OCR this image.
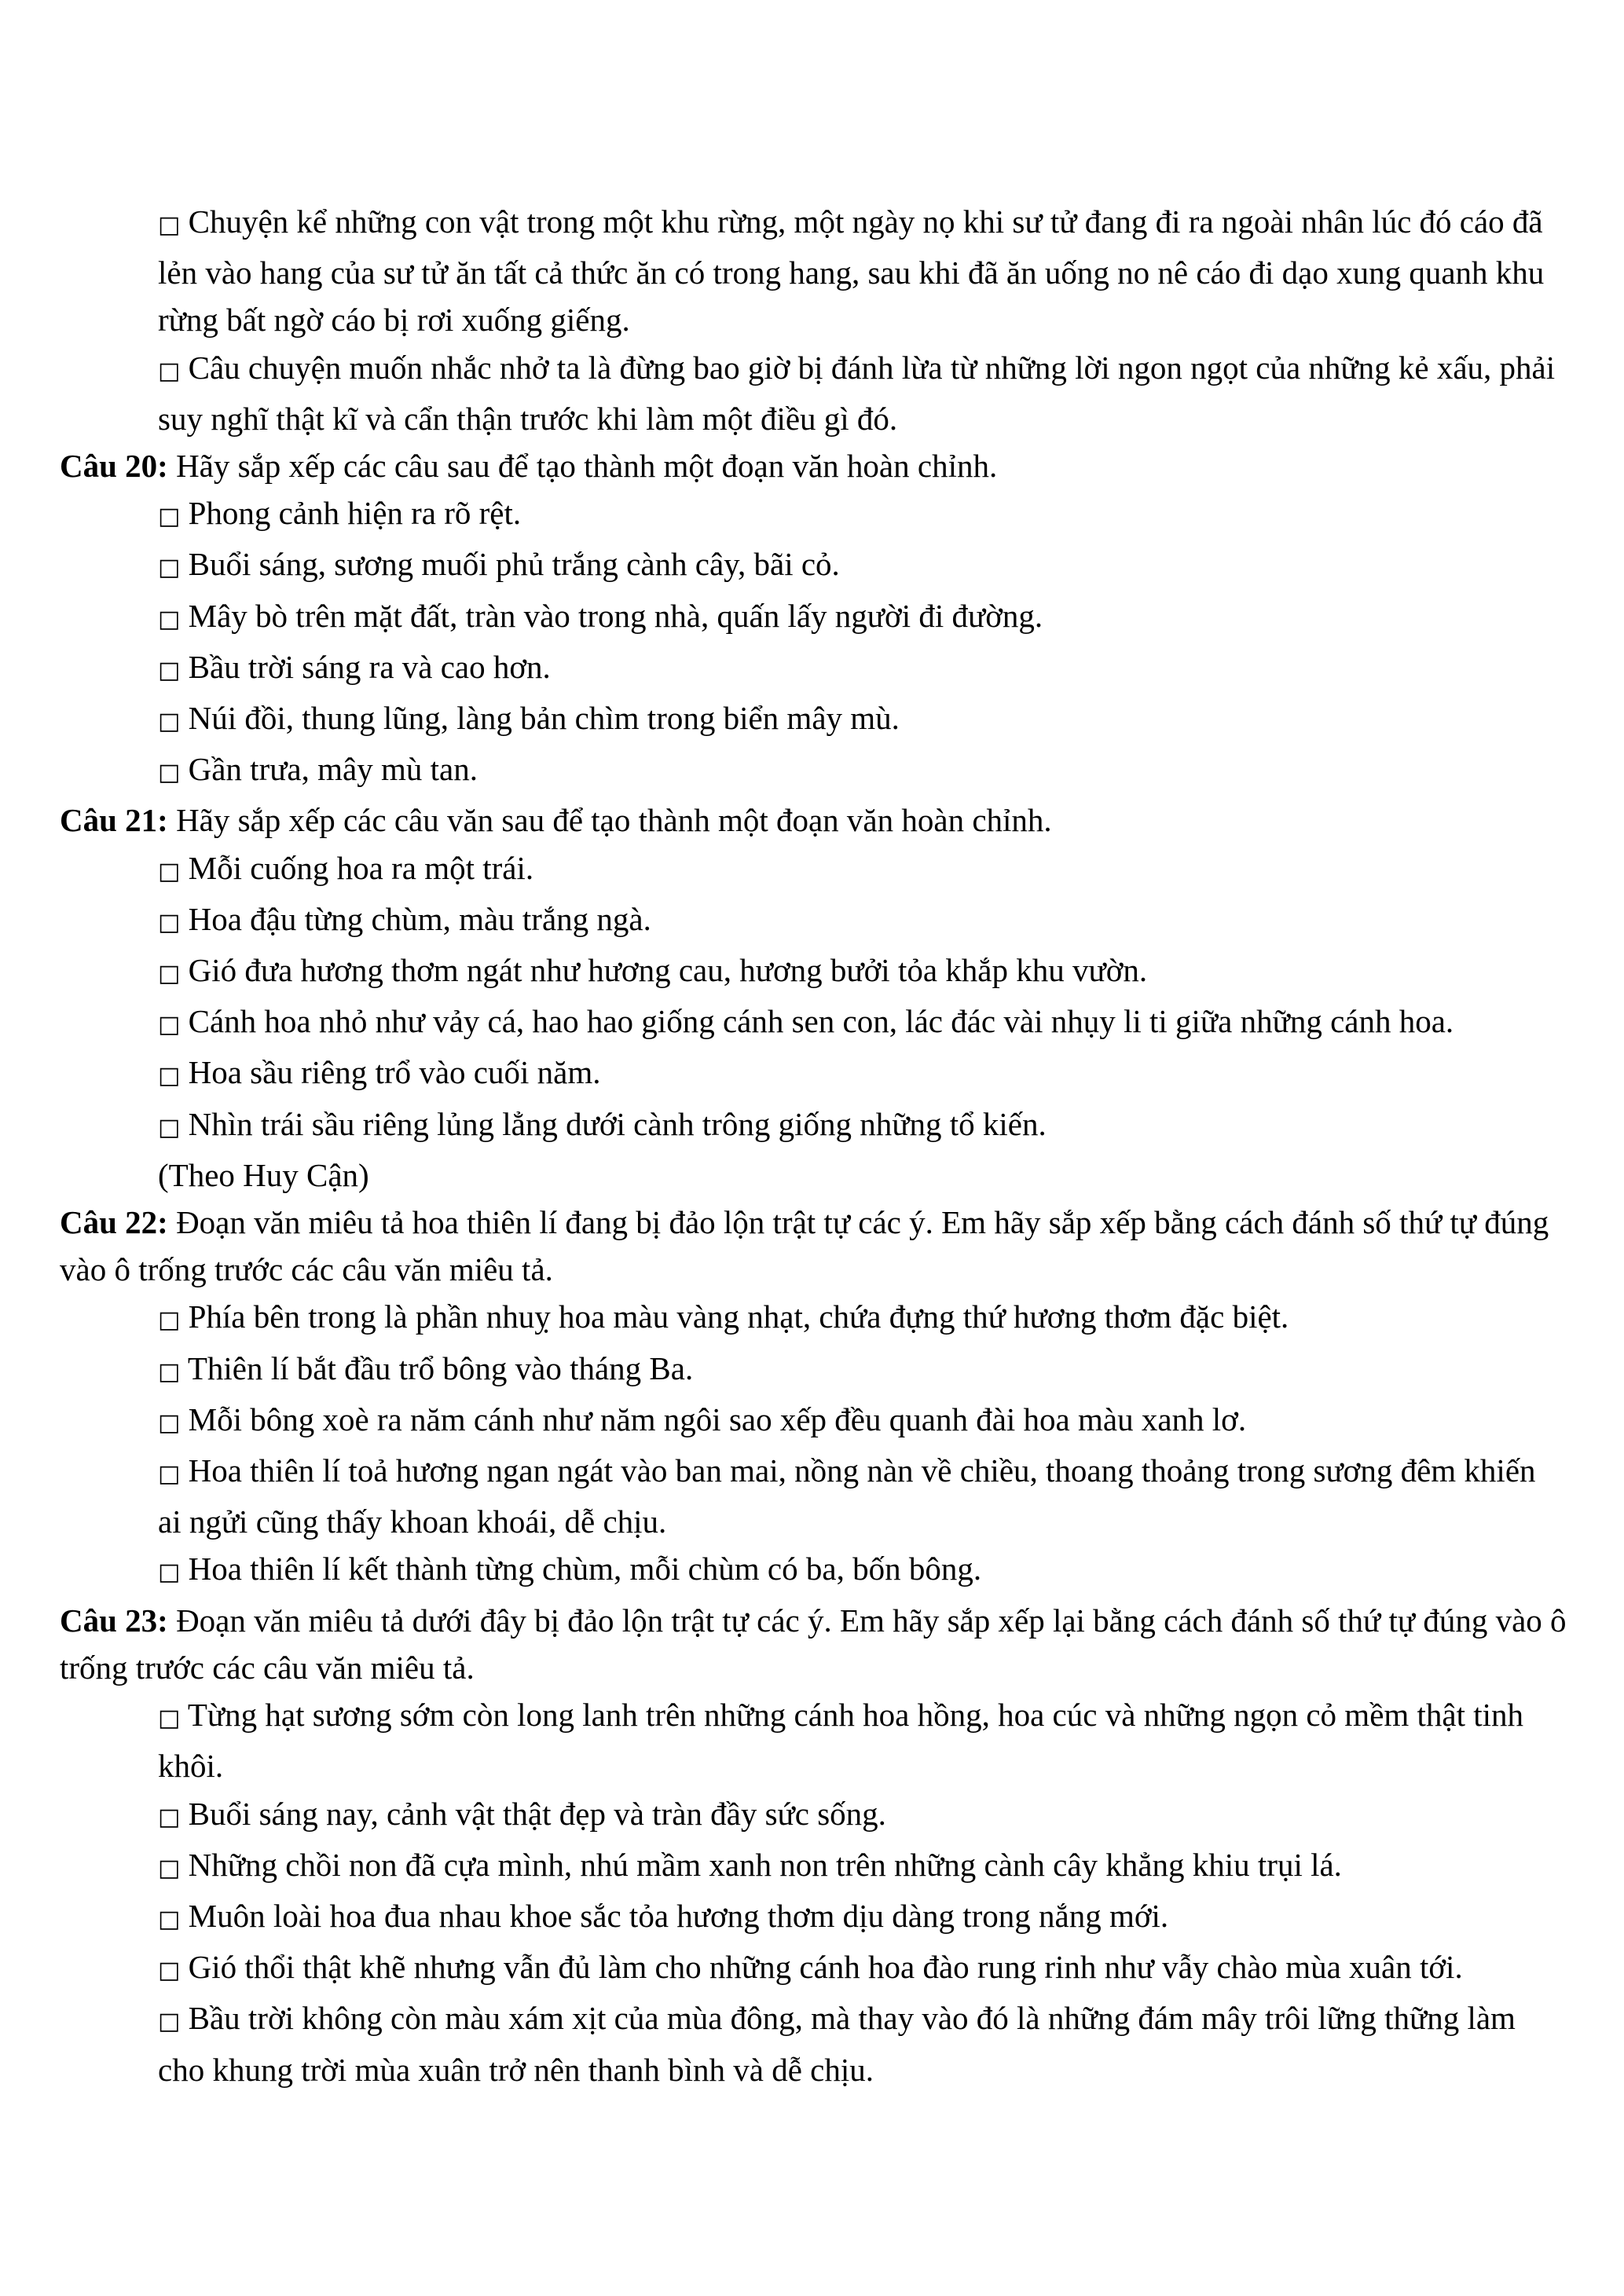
□ Chuyện kể những con vật trong một khu rừng, một ngày nọ khi sư tử đang đi ra ngoài nhân lúc đó cáo đã lẻn vào hang của sư tử ăn tất cả thức ăn có trong hang, sau khi đã ăn uống no nê cáo đi dạo xung quanh khu rừng bất ngờ cáo bị rơi xuống giếng.

□ Câu chuyện muốn nhắc nhở ta là đừng bao giờ bị đánh lừa từ những lời ngon ngọt của những kẻ xấu, phải suy nghĩ thật kĩ và cẩn thận trước khi làm một điều gì đó.

Câu 20: Hãy sắp xếp các câu sau để tạo thành một đoạn văn hoàn chỉnh.

□ Phong cảnh hiện ra rõ rệt.

□ Buổi sáng, sương muối phủ trắng cành cây, bãi cỏ.

□ Mây bò trên mặt đất, tràn vào trong nhà, quấn lấy người đi đường.

□ Bầu trời sáng ra và cao hơn.

□ Núi đồi, thung lũng, làng bản chìm trong biển mây mù.

□ Gần trưa, mây mù tan.

Câu 21: Hãy sắp xếp các câu văn sau để tạo thành một đoạn văn hoàn chỉnh.

□ Mỗi cuống hoa ra một trái.

□ Hoa đậu từng chùm, màu trắng ngà.

□ Gió đưa hương thơm ngát như hương cau, hương bưởi tỏa khắp khu vườn.

□ Cánh hoa nhỏ như vảy cá, hao hao giống cánh sen con, lác đác vài nhụy li ti giữa những cánh hoa.

□ Hoa sầu riêng trổ vào cuối năm.

□ Nhìn trái sầu riêng lủng lẳng dưới cành trông giống những tổ kiến.

(Theo Huy Cận)

Câu 22: Đoạn văn miêu tả hoa thiên lí đang bị đảo lộn trật tự các ý. Em hãy sắp xếp bằng cách đánh số thứ tự đúng vào ô trống trước các câu văn miêu tả.

□ Phía bên trong là phần nhuỵ hoa màu vàng nhạt, chứa đựng thứ hương thơm đặc biệt.

□ Thiên lí bắt đầu trổ bông vào tháng Ba.

□ Mỗi bông xoè ra năm cánh như năm ngôi sao xếp đều quanh đài hoa màu xanh lơ.

□ Hoa thiên lí toả hương ngan ngát vào ban mai, nồng nàn về chiều, thoang thoảng trong sương đêm khiến ai ngửi cũng thấy khoan khoái, dễ chịu.

□ Hoa thiên lí kết thành từng chùm, mỗi chùm có ba, bốn bông.

Câu 23: Đoạn văn miêu tả dưới đây bị đảo lộn trật tự các ý. Em hãy sắp xếp lại bằng cách đánh số thứ tự đúng vào ô trống trước các câu văn miêu tả.

□ Từng hạt sương sớm còn long lanh trên những cánh hoa hồng, hoa cúc và những ngọn cỏ mềm thật tinh khôi.

□ Buổi sáng nay, cảnh vật thật đẹp và tràn đầy sức sống.

□ Những chồi non đã cựa mình, nhú mầm xanh non trên những cành cây khẳng khiu trụi lá.

□ Muôn loài hoa đua nhau khoe sắc tỏa hương thơm dịu dàng trong nắng mới.

□ Gió thổi thật khẽ nhưng vẫn đủ làm cho những cánh hoa đào rung rinh như vẫy chào mùa xuân tới.

□ Bầu trời không còn màu xám xịt của mùa đông, mà thay vào đó là những đám mây trôi lững thững làm cho khung trời mùa xuân trở nên thanh bình và dễ chịu.
